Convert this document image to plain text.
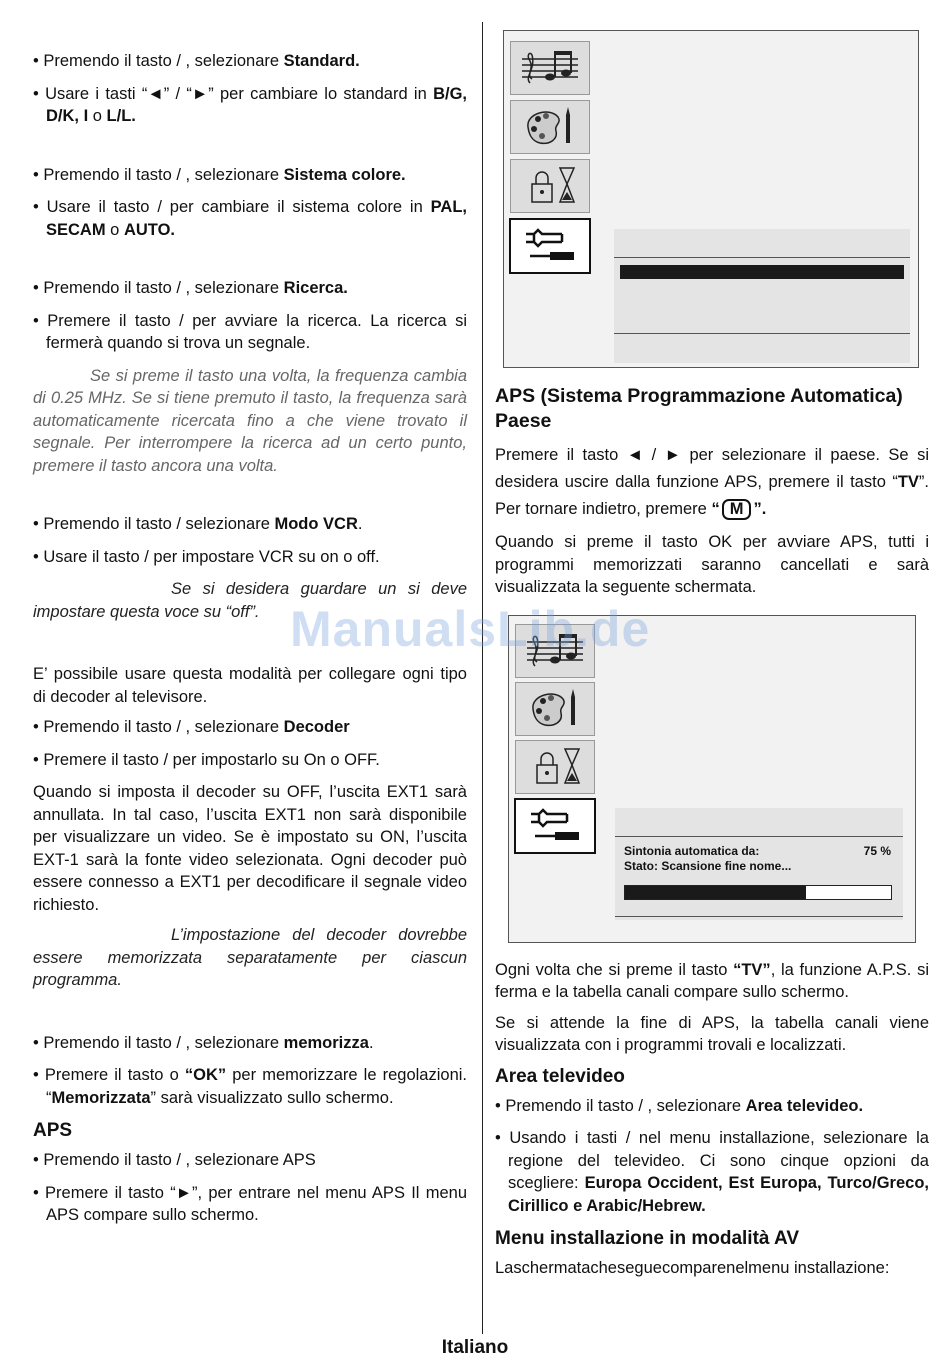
• Premendo il tasto / , selezionare Standard.

• Usare i tasti “◄” / “►” per cambiare lo standard in B/G, D/K, I o L/L.

• Premendo il tasto / , selezionare Sistema colore.

• Usare il tasto / per cambiare il sistema colore in PAL, SECAM o AUTO.

• Premendo il tasto / , selezionare Ricerca.

• Premere il tasto / per avviare la ricerca. La ricerca si fermerà quando si trova un segnale.

Se si preme il tasto una volta, la frequenza cambia di 0.25 MHz. Se si tiene premuto il tasto, la frequenza sarà automaticamente ricercata fino a che viene trovato il segnale. Per interrompere la ricerca ad un certo punto, premere il tasto ancora una volta.

• Premendo il tasto / selezionare Modo VCR.

• Usare il tasto / per impostare VCR su on o off.

Se si desidera guardare un si deve impostare questa voce su “off”.

E’ possibile usare questa modalità per collegare ogni tipo di decoder al televisore.

• Premendo il tasto / , selezionare Decoder

• Premere il tasto / per impostarlo su On o OFF.

Quando si imposta il decoder su OFF, l’uscita EXT1 sarà annullata. In tal caso, l’uscita EXT1 non sarà disponibile per visualizzare un video. Se è impostato su ON, l’uscita EXT-1 sarà la fonte video selezionata. Ogni decoder può essere connesso a EXT1 per decodificare il segnale video richiesto.

L’impostazione del decoder dovrebbe essere memorizzata separatamente per ciascun programma.

• Premendo il tasto / , selezionare memorizza.

• Premere il tasto o “OK” per memorizzare le regolazioni. “Memorizzata” sarà visualizzato sullo schermo.

APS

• Premendo il tasto / , selezionare APS

• Premere il tasto “►”, per entrare nel menu APS Il menu APS compare sullo schermo.

APS (Sistema Programmazione Automatica) Paese

Premere il tasto ◄ / ► per selezionare il paese. Se si desidera uscire dalla funzione APS, premere il tasto “TV”. Per tornare indietro, premere “ M ”.

Quando si preme il tasto OK per avviare APS, tutti i programmi memorizzati saranno cancellati e sarà visualizzata la seguente schermata.

Sintonia automatica da:	75 %
Stato: Scansione fine nome...

Ogni volta che si preme il tasto “TV”, la funzione A.P.S. si ferma e la tabella canali compare sullo schermo.

Se si attende la fine di APS, la tabella canali viene visualizzata con i programmi trovali e localizzati.

Area televideo

• Premendo il tasto / , selezionare Area televideo.

• Usando i tasti / nel menu installazione, selezionare la regione del televideo. Ci sono cinque opzioni da scegliere: Europa Occident, Est Europa, Turco/Greco, Cirillico e Arabic/Hebrew.

Menu installazione in modalità AV

Laschermatacheseguecomparenelmenu installazione:

ManualsLib.de
Italiano
